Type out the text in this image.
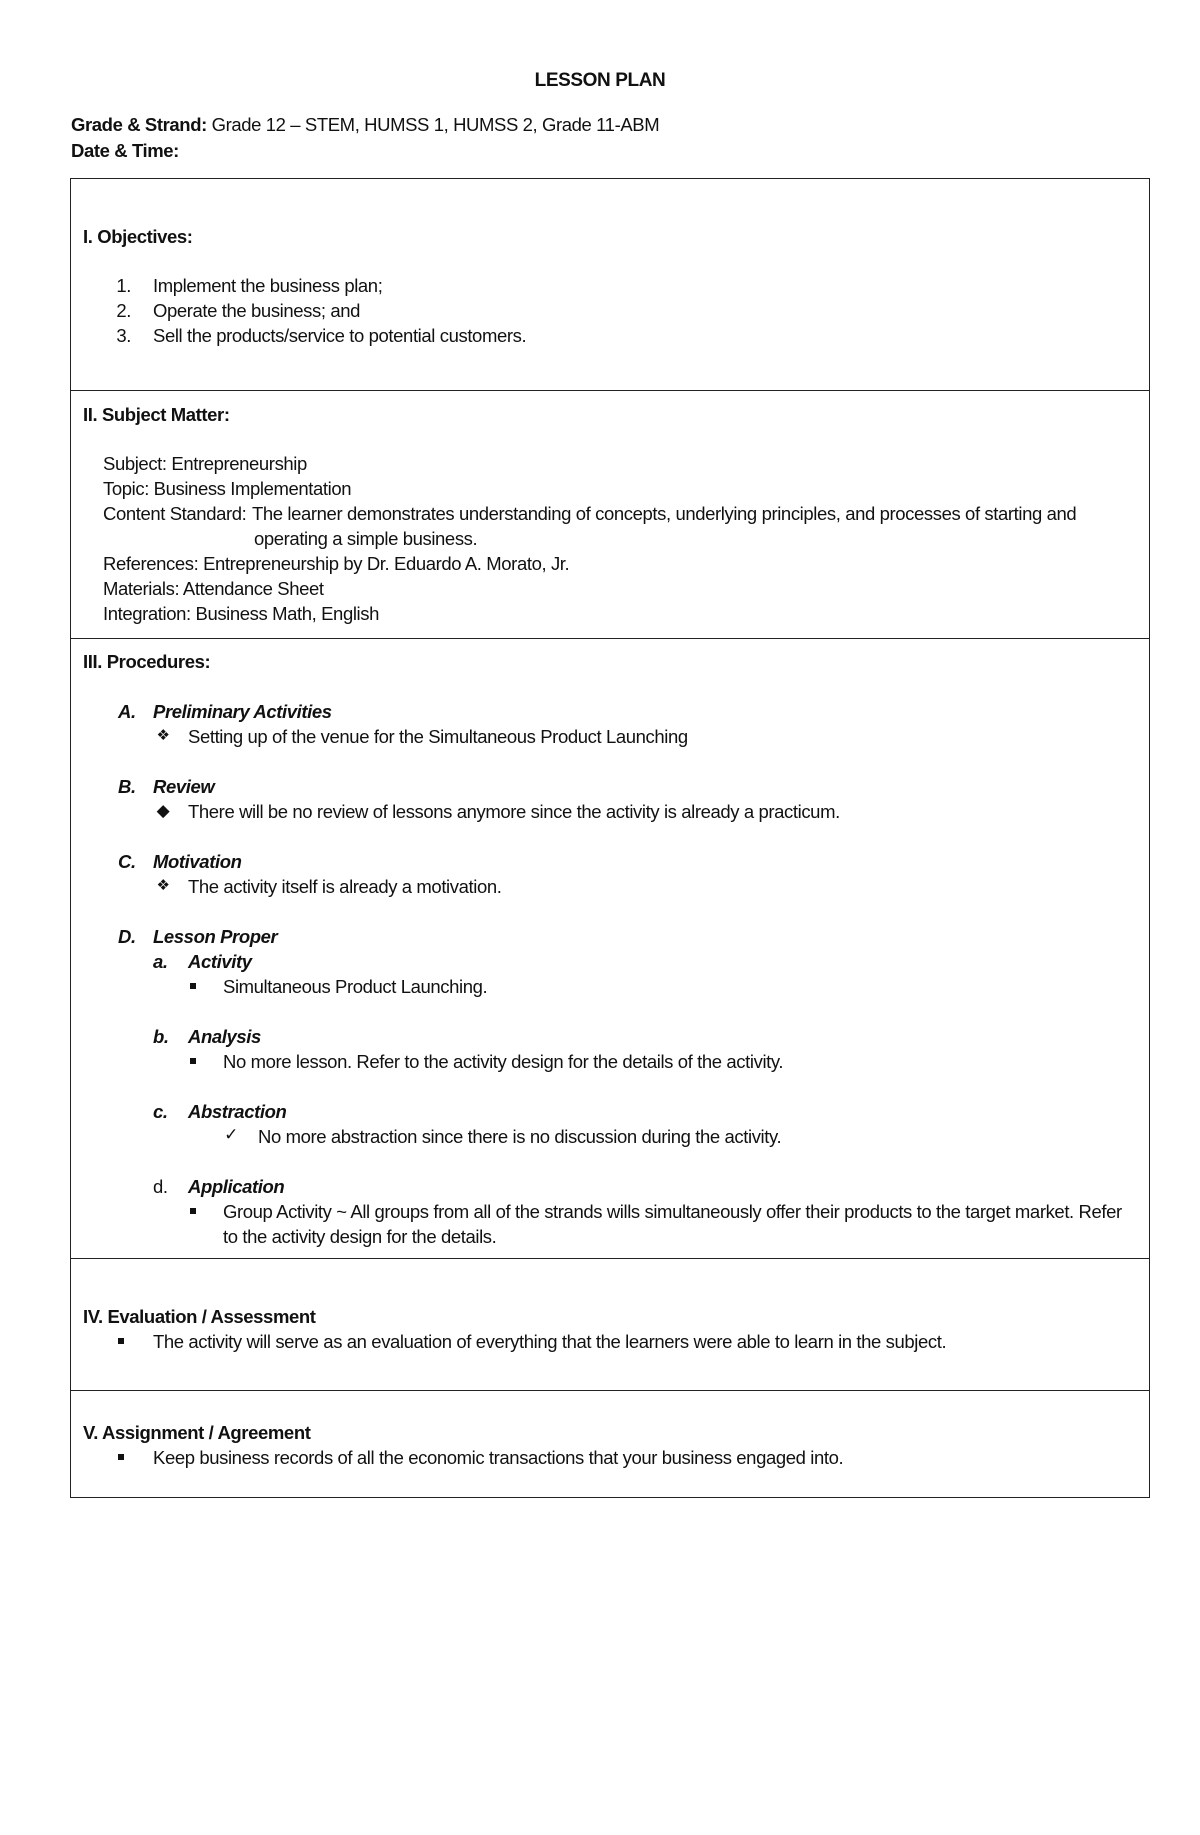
LESSON PLAN
Grade & Strand: Grade 12 – STEM, HUMSS 1, HUMSS 2, Grade 11-ABM
Date & Time:
I. Objectives:
1. Implement the business plan;
2. Operate the business; and
3. Sell the products/service to potential customers.
II. Subject Matter:
Subject: Entrepreneurship
Topic: Business Implementation
Content Standard: The learner demonstrates understanding of concepts, underlying principles, and processes of starting and
operating a simple business.
References: Entrepreneurship by Dr. Eduardo A. Morato, Jr.
Materials: Attendance Sheet
Integration: Business Math, English
III. Procedures:
A. Preliminary Activities
❖ Setting up of the venue for the Simultaneous Product Launching
B. Review
◆ There will be no review of lessons anymore since the activity is already a practicum.
C. Motivation
❖ The activity itself is already a motivation.
D. Lesson Proper
a. Activity
Simultaneous Product Launching.
b. Analysis
No more lesson. Refer to the activity design for the details of the activity.
c. Abstraction
✓ No more abstraction since there is no discussion during the activity.
d. Application
Group Activity ~ All groups from all of the strands wills simultaneously offer their products to the target market. Refer
to the activity design for the details.
IV. Evaluation / Assessment
The activity will serve as an evaluation of everything that the learners were able to learn in the subject.
V. Assignment / Agreement
Keep business records of all the economic transactions that your business engaged into.
